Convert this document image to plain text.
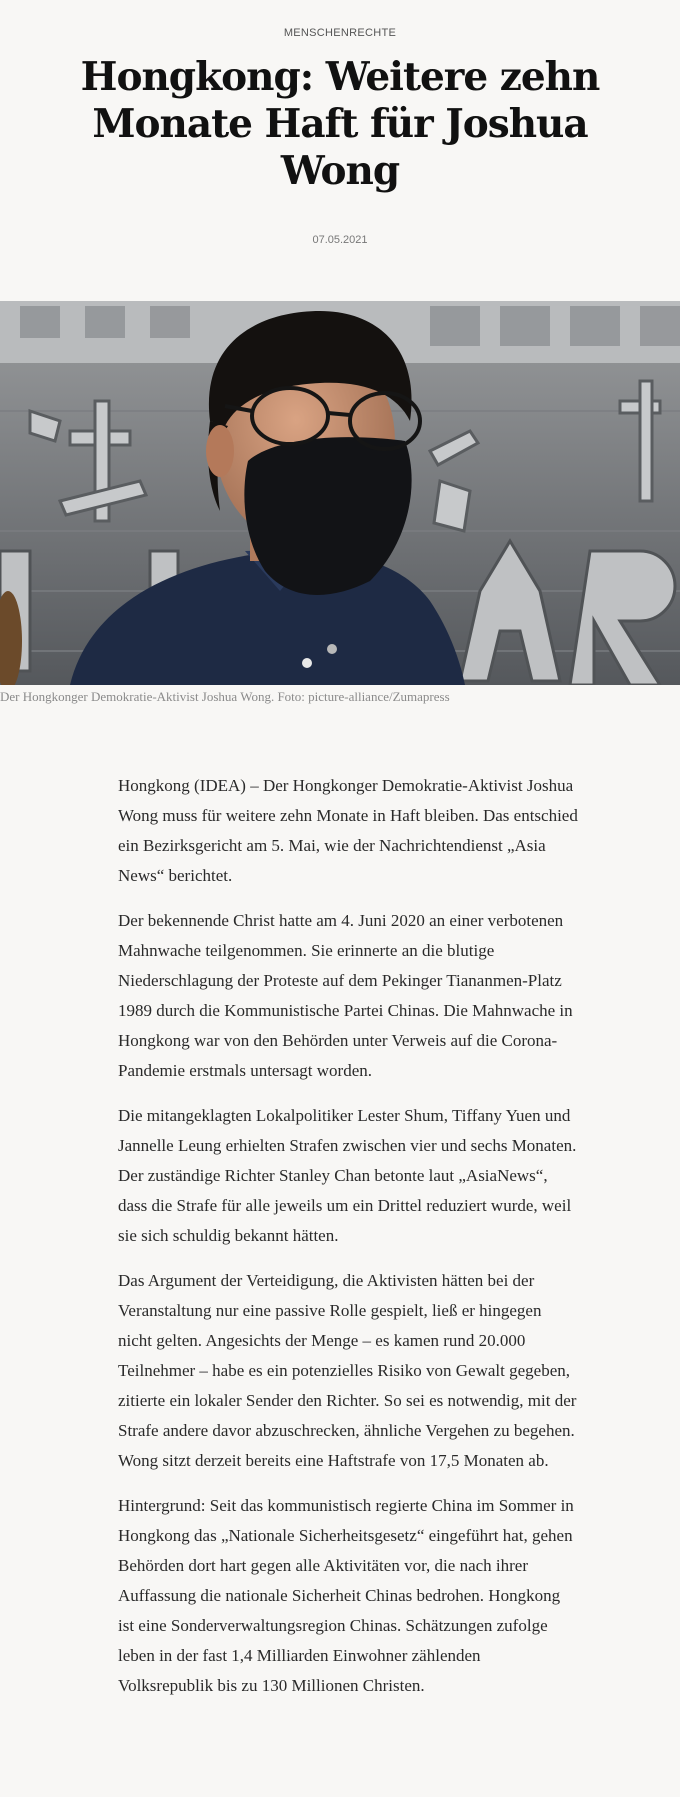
MENSCHENRECHTE
Hongkong: Weitere zehn Monate Haft für Joshua Wong
07.05.2021
Der Hongkonger Demokratie-Aktivist Joshua Wong. Foto: picture-alliance/Zumapress

Hongkong (IDEA) – Der Hongkonger Demokratie-Aktivist Joshua Wong muss für weitere zehn Monate in Haft bleiben. Das entschied ein Bezirksgericht am 5. Mai, wie der Nachrichtendienst „Asia News“ berichtet.

Der bekennende Christ hatte am 4. Juni 2020 an einer verbotenen Mahnwache teilgenommen. Sie erinnerte an die blutige Niederschlagung der Proteste auf dem Pekinger Tiananmen-Platz 1989 durch die Kommunistische Partei Chinas. Die Mahnwache in Hongkong war von den Behörden unter Verweis auf die Corona-Pandemie erstmals untersagt worden.

Die mitangeklagten Lokalpolitiker Lester Shum, Tiffany Yuen und Jannelle Leung erhielten Strafen zwischen vier und sechs Monaten. Der zuständige Richter Stanley Chan betonte laut „AsiaNews“, dass die Strafe für alle jeweils um ein Drittel reduziert wurde, weil sie sich schuldig bekannt hätten.

Das Argument der Verteidigung, die Aktivisten hätten bei der Veranstaltung nur eine passive Rolle gespielt, ließ er hingegen nicht gelten. Angesichts der Menge – es kamen rund 20.000 Teilnehmer – habe es ein potenzielles Risiko von Gewalt gegeben, zitierte ein lokaler Sender den Richter. So sei es notwendig, mit der Strafe andere davor abzuschrecken, ähnliche Vergehen zu begehen. Wong sitzt derzeit bereits eine Haftstrafe von 17,5 Monaten ab.

Hintergrund: Seit das kommunistisch regierte China im Sommer in Hongkong das „Nationale Sicherheitsgesetz“ eingeführt hat, gehen Behörden dort hart gegen alle Aktivitäten vor, die nach ihrer Auffassung die nationale Sicherheit Chinas bedrohen. Hongkong ist eine Sonderverwaltungsregion Chinas. Schätzungen zufolge leben in der fast 1,4 Milliarden Einwohner zählenden Volksrepublik bis zu 130 Millionen Christen.
